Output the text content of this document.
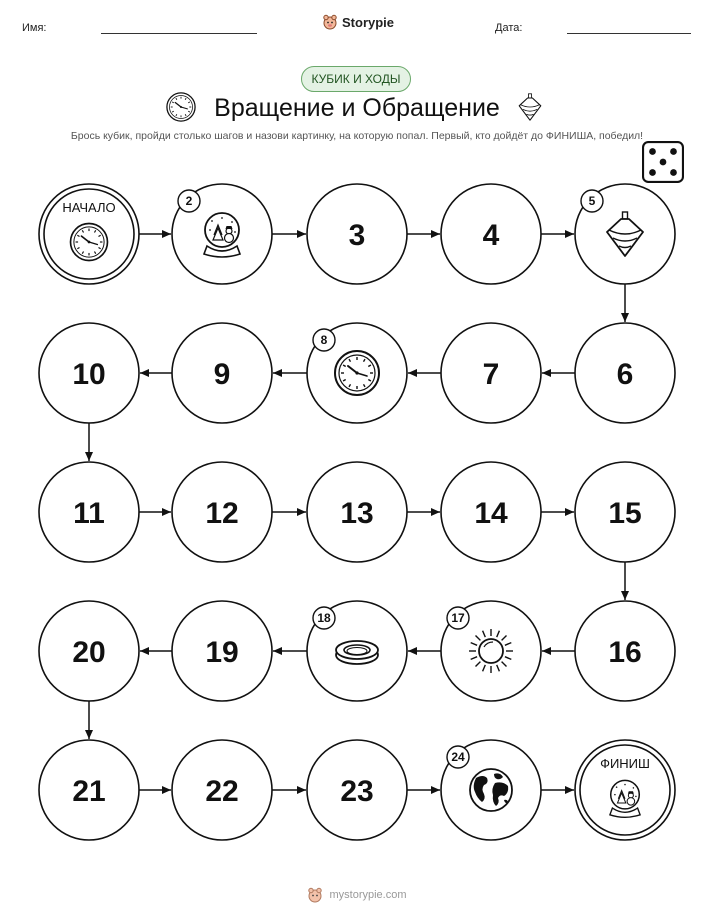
Имя:	Storypie	Дата:
КУБИК И ХОДЫ
Вращение и Обращение
Брось кубик, пройди столько шагов и назови картинку, на которую попал. Первый, кто дойдёт до ФИНИША, победил!
НАЧАЛО	2
3	4
5
6
7
8
9
10
11	12	13	14	15
16
17
18
19
20
21	22	23
24	ФИНИШ
mystorypie.com
